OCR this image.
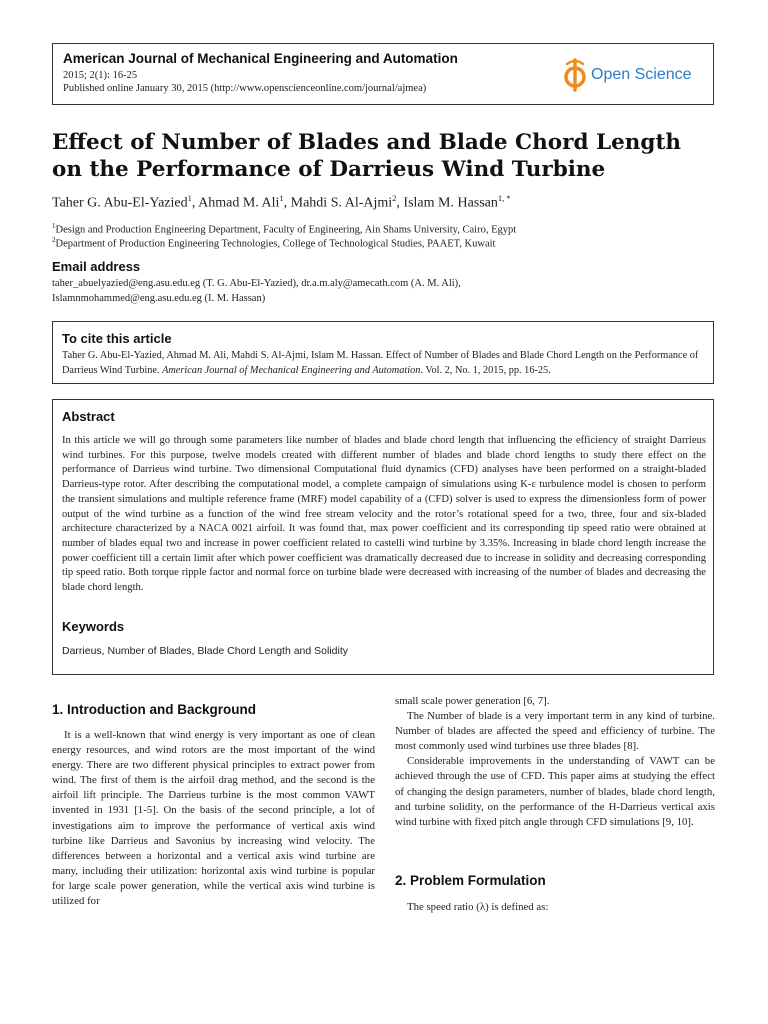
American Journal of Mechanical Engineering and Automation
2015; 2(1): 16-25
Published online January 30, 2015 (http://www.openscienceonline.com/journal/ajmea)
Open Science
Effect of Number of Blades and Blade Chord Length
on the Performance of Darrieus Wind Turbine
Taher G. Abu-El-Yazied$^1$, Ahmad M. Ali$^1$, Mahdi S. Al-Ajmi$^2$, Islam M. Hassan$^{1, *}$
$^1$Design and Production Engineering Department, Faculty of Engineering, Ain Shams University, Cairo, Egypt
$^2$Department of Production Engineering Technologies, College of Technological Studies, PAAET, Kuwait
Email address
taher_abuelyazied@eng.asu.edu.eg (T. G. Abu-El-Yazied), dr.a.m.aly@amecath.com (A. M. Ali),
Islamnmohammed@eng.asu.edu.eg (I. M. Hassan)
To cite this article
Taher G. Abu-El-Yazied, Ahmad M. Ali, Mahdi S. Al-Ajmi, Islam M. Hassan. Effect of Number of Blades and Blade Chord Length on the Performance of Darrieus Wind Turbine. American Journal of Mechanical Engineering and Automation. Vol. 2, No. 1, 2015, pp. 16-25.
Abstract
In this article we will go through some parameters like number of blades and blade chord length that influencing the efficiency of straight Darrieus wind turbines. For this purpose, twelve models created with different number of blades and blade chord lengths to study there effect on the performance of Darrieus wind turbine. Two dimensional Computational fluid dynamics (CFD) analyses have been performed on a straight-bladed Darrieus-type rotor. After describing the computational model, a complete campaign of simulations using K-ε turbulence model is chosen to perform the transient simulations and multiple reference frame (MRF) model capability of a (CFD) solver is used to express the dimensionless form of power output of the wind turbine as a function of the wind free stream velocity and the rotor’s rotational speed for a two, three, four and six-bladed architecture characterized by a NACA 0021 airfoil. It was found that, max power coefficient and its corresponding tip speed ratio were obtained at number of blades equal two and increase in power coefficient related to castelli wind turbine by 3.35%. Increasing in blade chord length increase the power coefficient till a certain limit after which power coefficient was dramatically decreased due to increase in solidity and decreasing corresponding tip speed ratio. Both torque ripple factor and normal force on turbine blade were decreased with increasing of the number of blades and decreasing the blade chord length.
Keywords
Darrieus, Number of Blades, Blade Chord Length and Solidity
1. Introduction and Background

It is a well-known that wind energy is very important as one of clean energy resources, and wind rotors are the most important of the wind energy. There are two different physical principles to extract power from wind. The first of them is the airfoil drag method, and the second is the airfoil lift principle. The Darrieus turbine is the most common VAWT invented in 1931 [1-5]. On the basis of the second principle, a lot of investigations aim to improve the performance of vertical axis wind turbine like Darrieus and Savonius by increasing wind velocity. The differences between a horizontal and a vertical axis wind turbine are many, including their utilization: horizontal axis wind turbine is popular for large scale power generation, while the vertical axis wind turbine is utilized for

small scale power generation [6, 7].

The Number of blade is a very important term in any kind of turbine. Number of blades are affected the speed and efficiency of turbine. The most commonly used wind turbines use three blades [8].

Considerable improvements in the understanding of VAWT can be achieved through the use of CFD. This paper aims at studying the effect of changing the design parameters, number of blades, blade chord length, and turbine solidity, on the performance of the H-Darrieus vertical axis wind turbine with fixed pitch angle through CFD simulations [9, 10].

2. Problem Formulation

The speed ratio (λ) is defined as:
